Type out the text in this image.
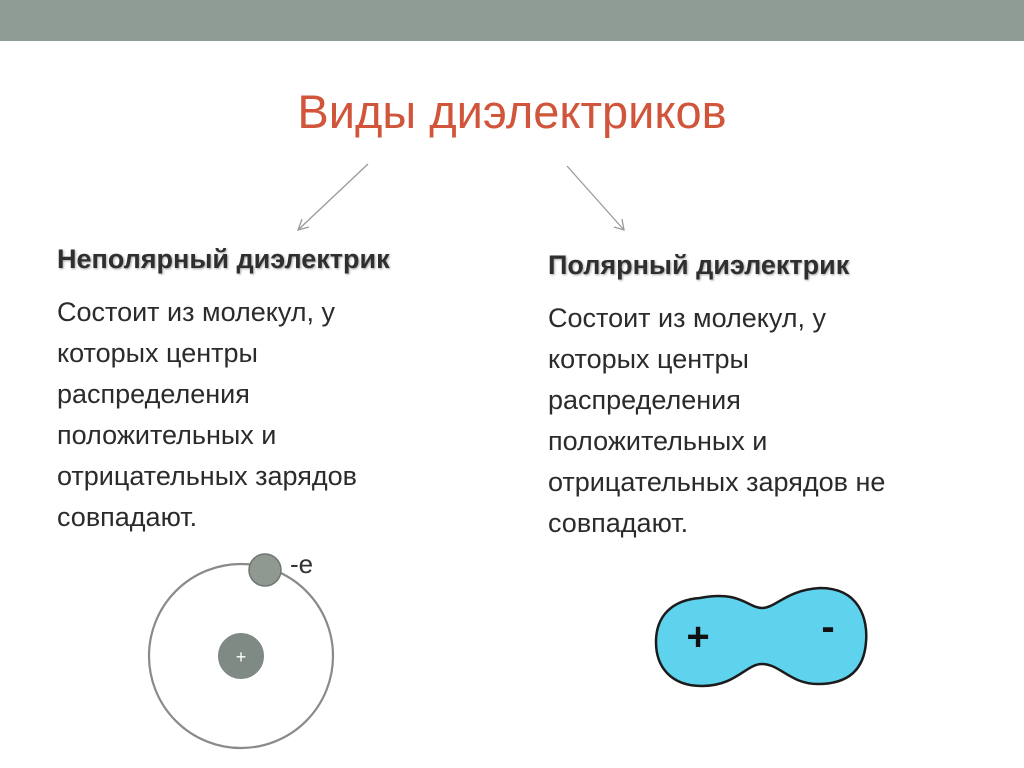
Виды диэлектриков
Неполярный диэлектрик
Состоит из молекул, у
которых центры
распределения
положительных и
отрицательных зарядов
совпадают.
Полярный диэлектрик
Состоит из молекул, у
которых центры
распределения
положительных и
отрицательных зарядов не
совпадают.
-e
+	+	-
